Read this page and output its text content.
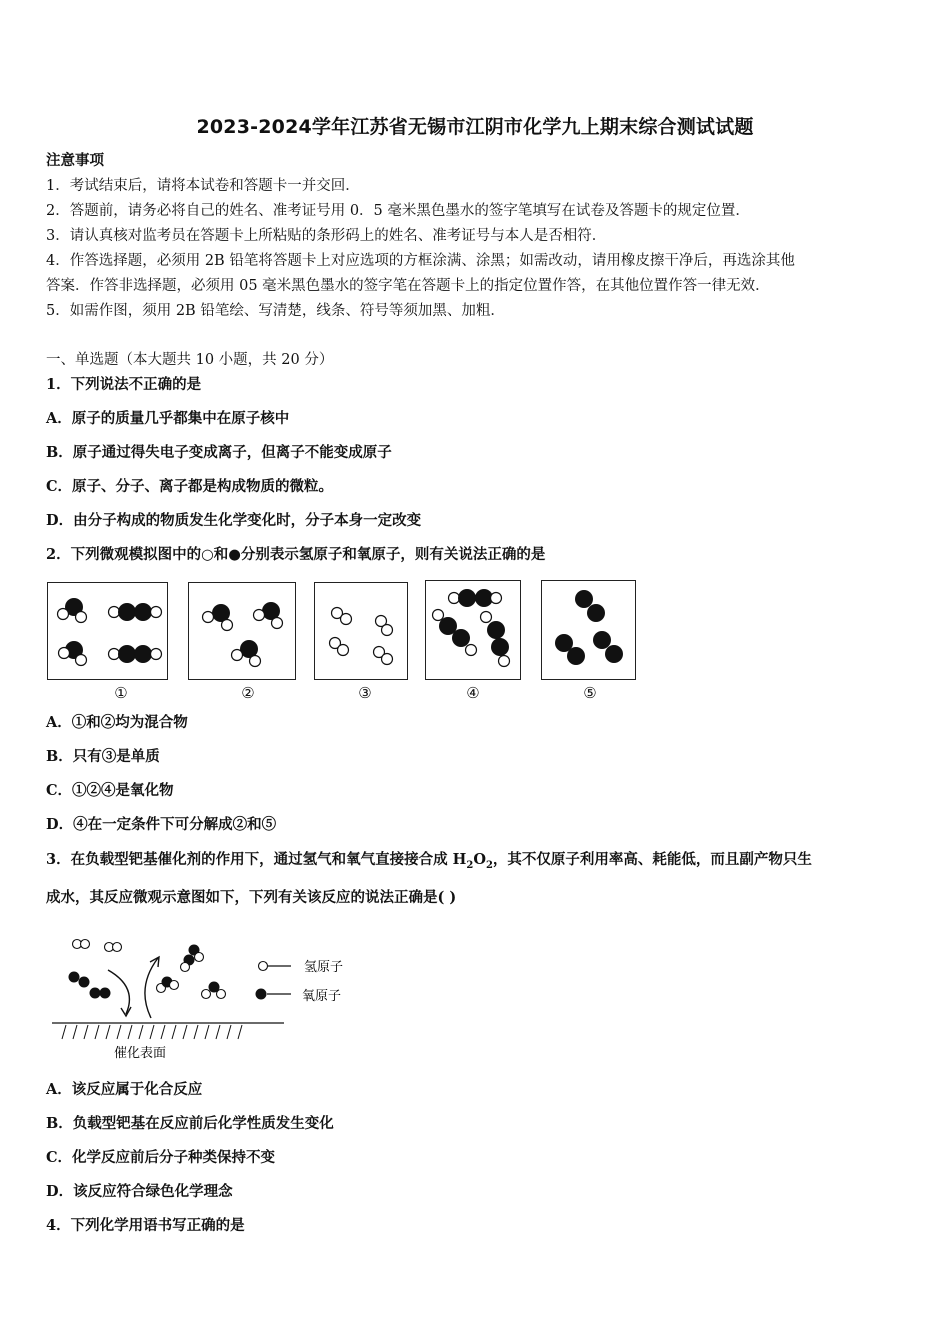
2023-2024学年江苏省无锡市江阴市化学九上期末综合测试试题
注意事项
1．考试结束后，请将本试卷和答题卡一并交回．
2．答题前，请务必将自己的姓名、准考证号用 0．5 毫米黑色墨水的签字笔填写在试卷及答题卡的规定位置．
3．请认真核对监考员在答题卡上所粘贴的条形码上的姓名、准考证号与本人是否相符．
4．作答选择题，必须用 2B 铅笔将答题卡上对应选项的方框涂满、涂黑；如需改动，请用橡皮擦干净后，再选涂其他
答案．作答非选择题，必须用 05 毫米黑色墨水的签字笔在答题卡上的指定位置作答，在其他位置作答一律无效．
5．如需作图，须用 2B 铅笔绘、写清楚，线条、符号等须加黑、加粗．
一、单选题（本大题共 10 小题，共 20 分）
1．下列说法不正确的是
A．原子的质量几乎都集中在原子核中
B．原子通过得失电子变成离子，但离子不能变成原子
C．原子、分子、离子都是构成物质的微粒。
D．由分子构成的物质发生化学变化时，分子本身一定改变
2．下列微观模拟图中的○和●分别表示氢原子和氧原子，则有关说法正确的是
①	②	③	④	⑤
A．①和②均为混合物
B．只有③是单质
C．①②④是氧化物
D．④在一定条件下可分解成②和⑤
3．在负载型钯基催化剂的作用下，通过氢气和氧气直接接合成 $H_2O_2$，其不仅原子利用率高、耗能低，而且副产物只生
成水，其反应微观示意图如下，下列有关该反应的说法正确是( )
氢原子
氧原子
催化表面
A．该反应属于化合反应
B．负载型钯基在反应前后化学性质发生变化
C．化学反应前后分子种类保持不变
D．该反应符合绿色化学理念
4．下列化学用语书写正确的是
